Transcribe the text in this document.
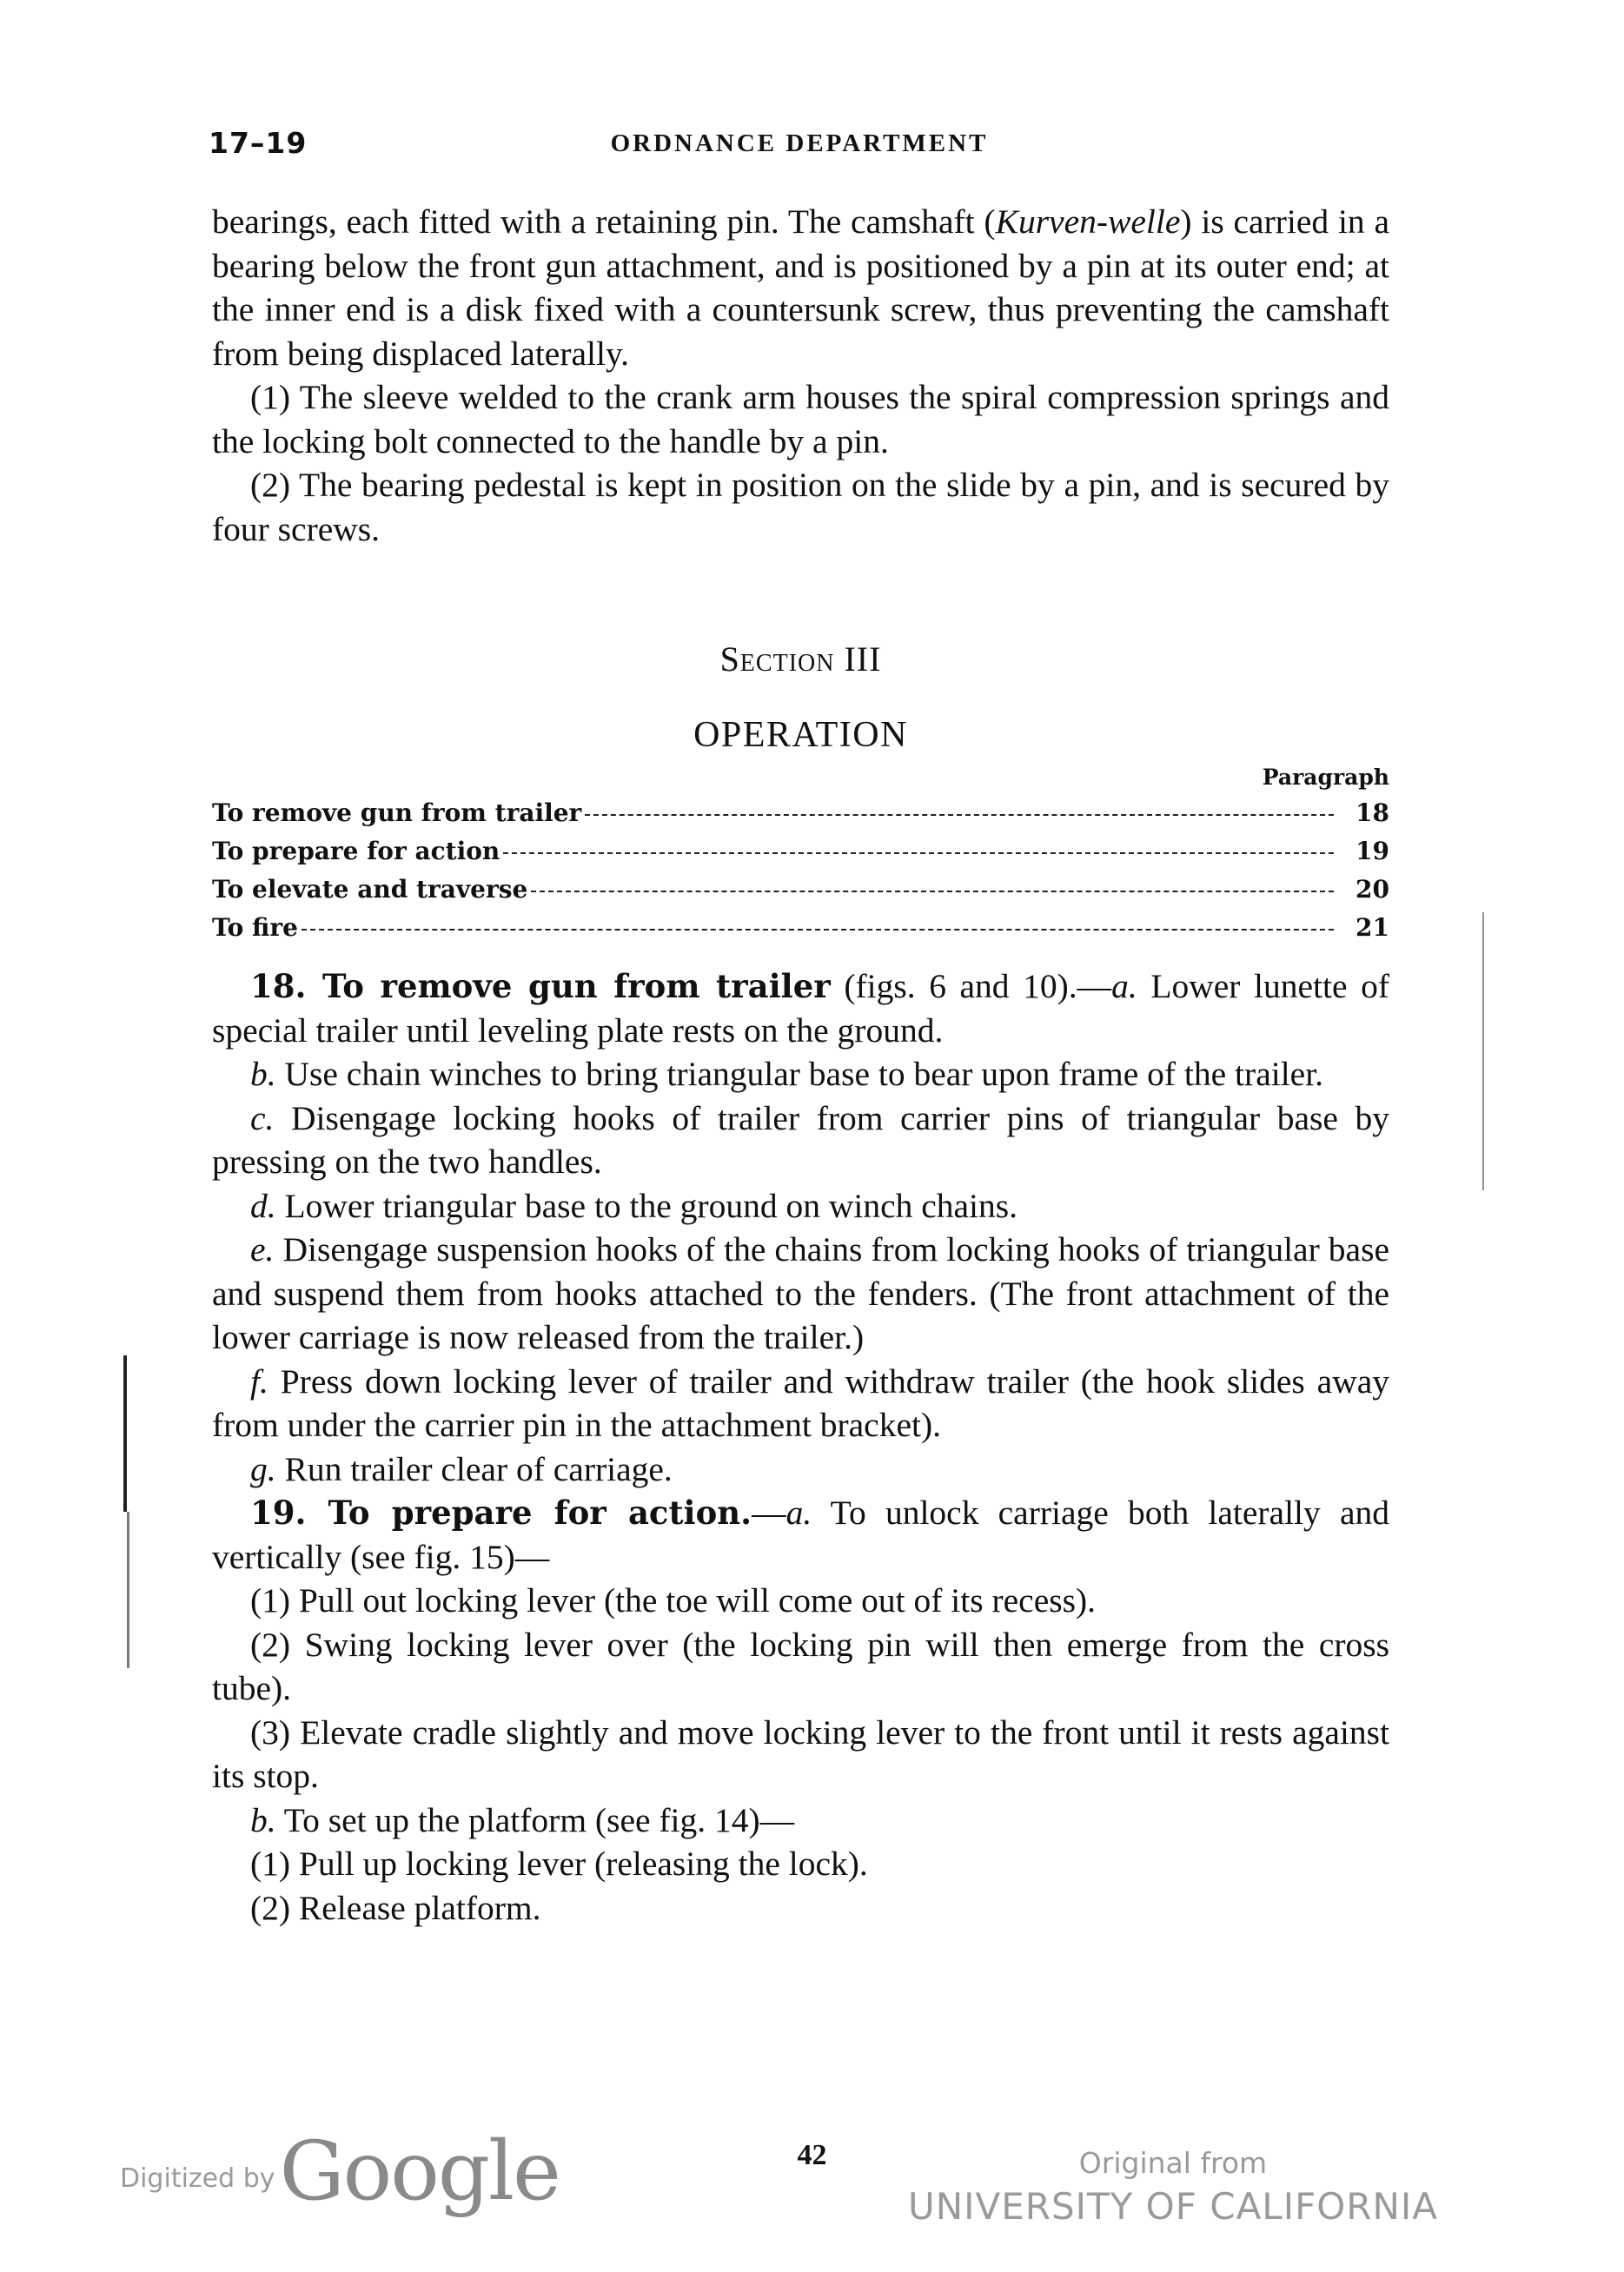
17–19	ORDNANCE DEPARTMENT

bearings, each fitted with a retaining pin. The camshaft (Kurven-welle) is carried in a bearing below the front gun attachment, and is positioned by a pin at its outer end; at the inner end is a disk fixed with a countersunk screw, thus preventing the camshaft from being displaced laterally.

(1) The sleeve welded to the crank arm houses the spiral compression springs and the locking bolt connected to the handle by a pin.

(2) The bearing pedestal is kept in position on the slide by a pin, and is secured by four screws.

Section III
OPERATION
Paragraph
To remove gun from trailer	18
To prepare for action	19
To elevate and traverse	20
To fire	21

18. To remove gun from trailer (figs. 6 and 10).—a. Lower lunette of special trailer until leveling plate rests on the ground.

b. Use chain winches to bring triangular base to bear upon frame of the trailer.

c. Disengage locking hooks of trailer from carrier pins of triangular base by pressing on the two handles.

d. Lower triangular base to the ground on winch chains.

e. Disengage suspension hooks of the chains from locking hooks of triangular base and suspend them from hooks attached to the fenders. (The front attachment of the lower carriage is now released from the trailer.)

f. Press down locking lever of trailer and withdraw trailer (the hook slides away from under the carrier pin in the attachment bracket).

g. Run trailer clear of carriage.

19. To prepare for action.—a. To unlock carriage both laterally and vertically (see fig. 15)—

(1) Pull out locking lever (the toe will come out of its recess).

(2) Swing locking lever over (the locking pin will then emerge from the cross tube).

(3) Elevate cradle slightly and move locking lever to the front until it rests against its stop.

b. To set up the platform (see fig. 14)—

(1) Pull up locking lever (releasing the lock).

(2) Release platform.

42
Digitized by Google	Original from
UNIVERSITY OF CALIFORNIA
